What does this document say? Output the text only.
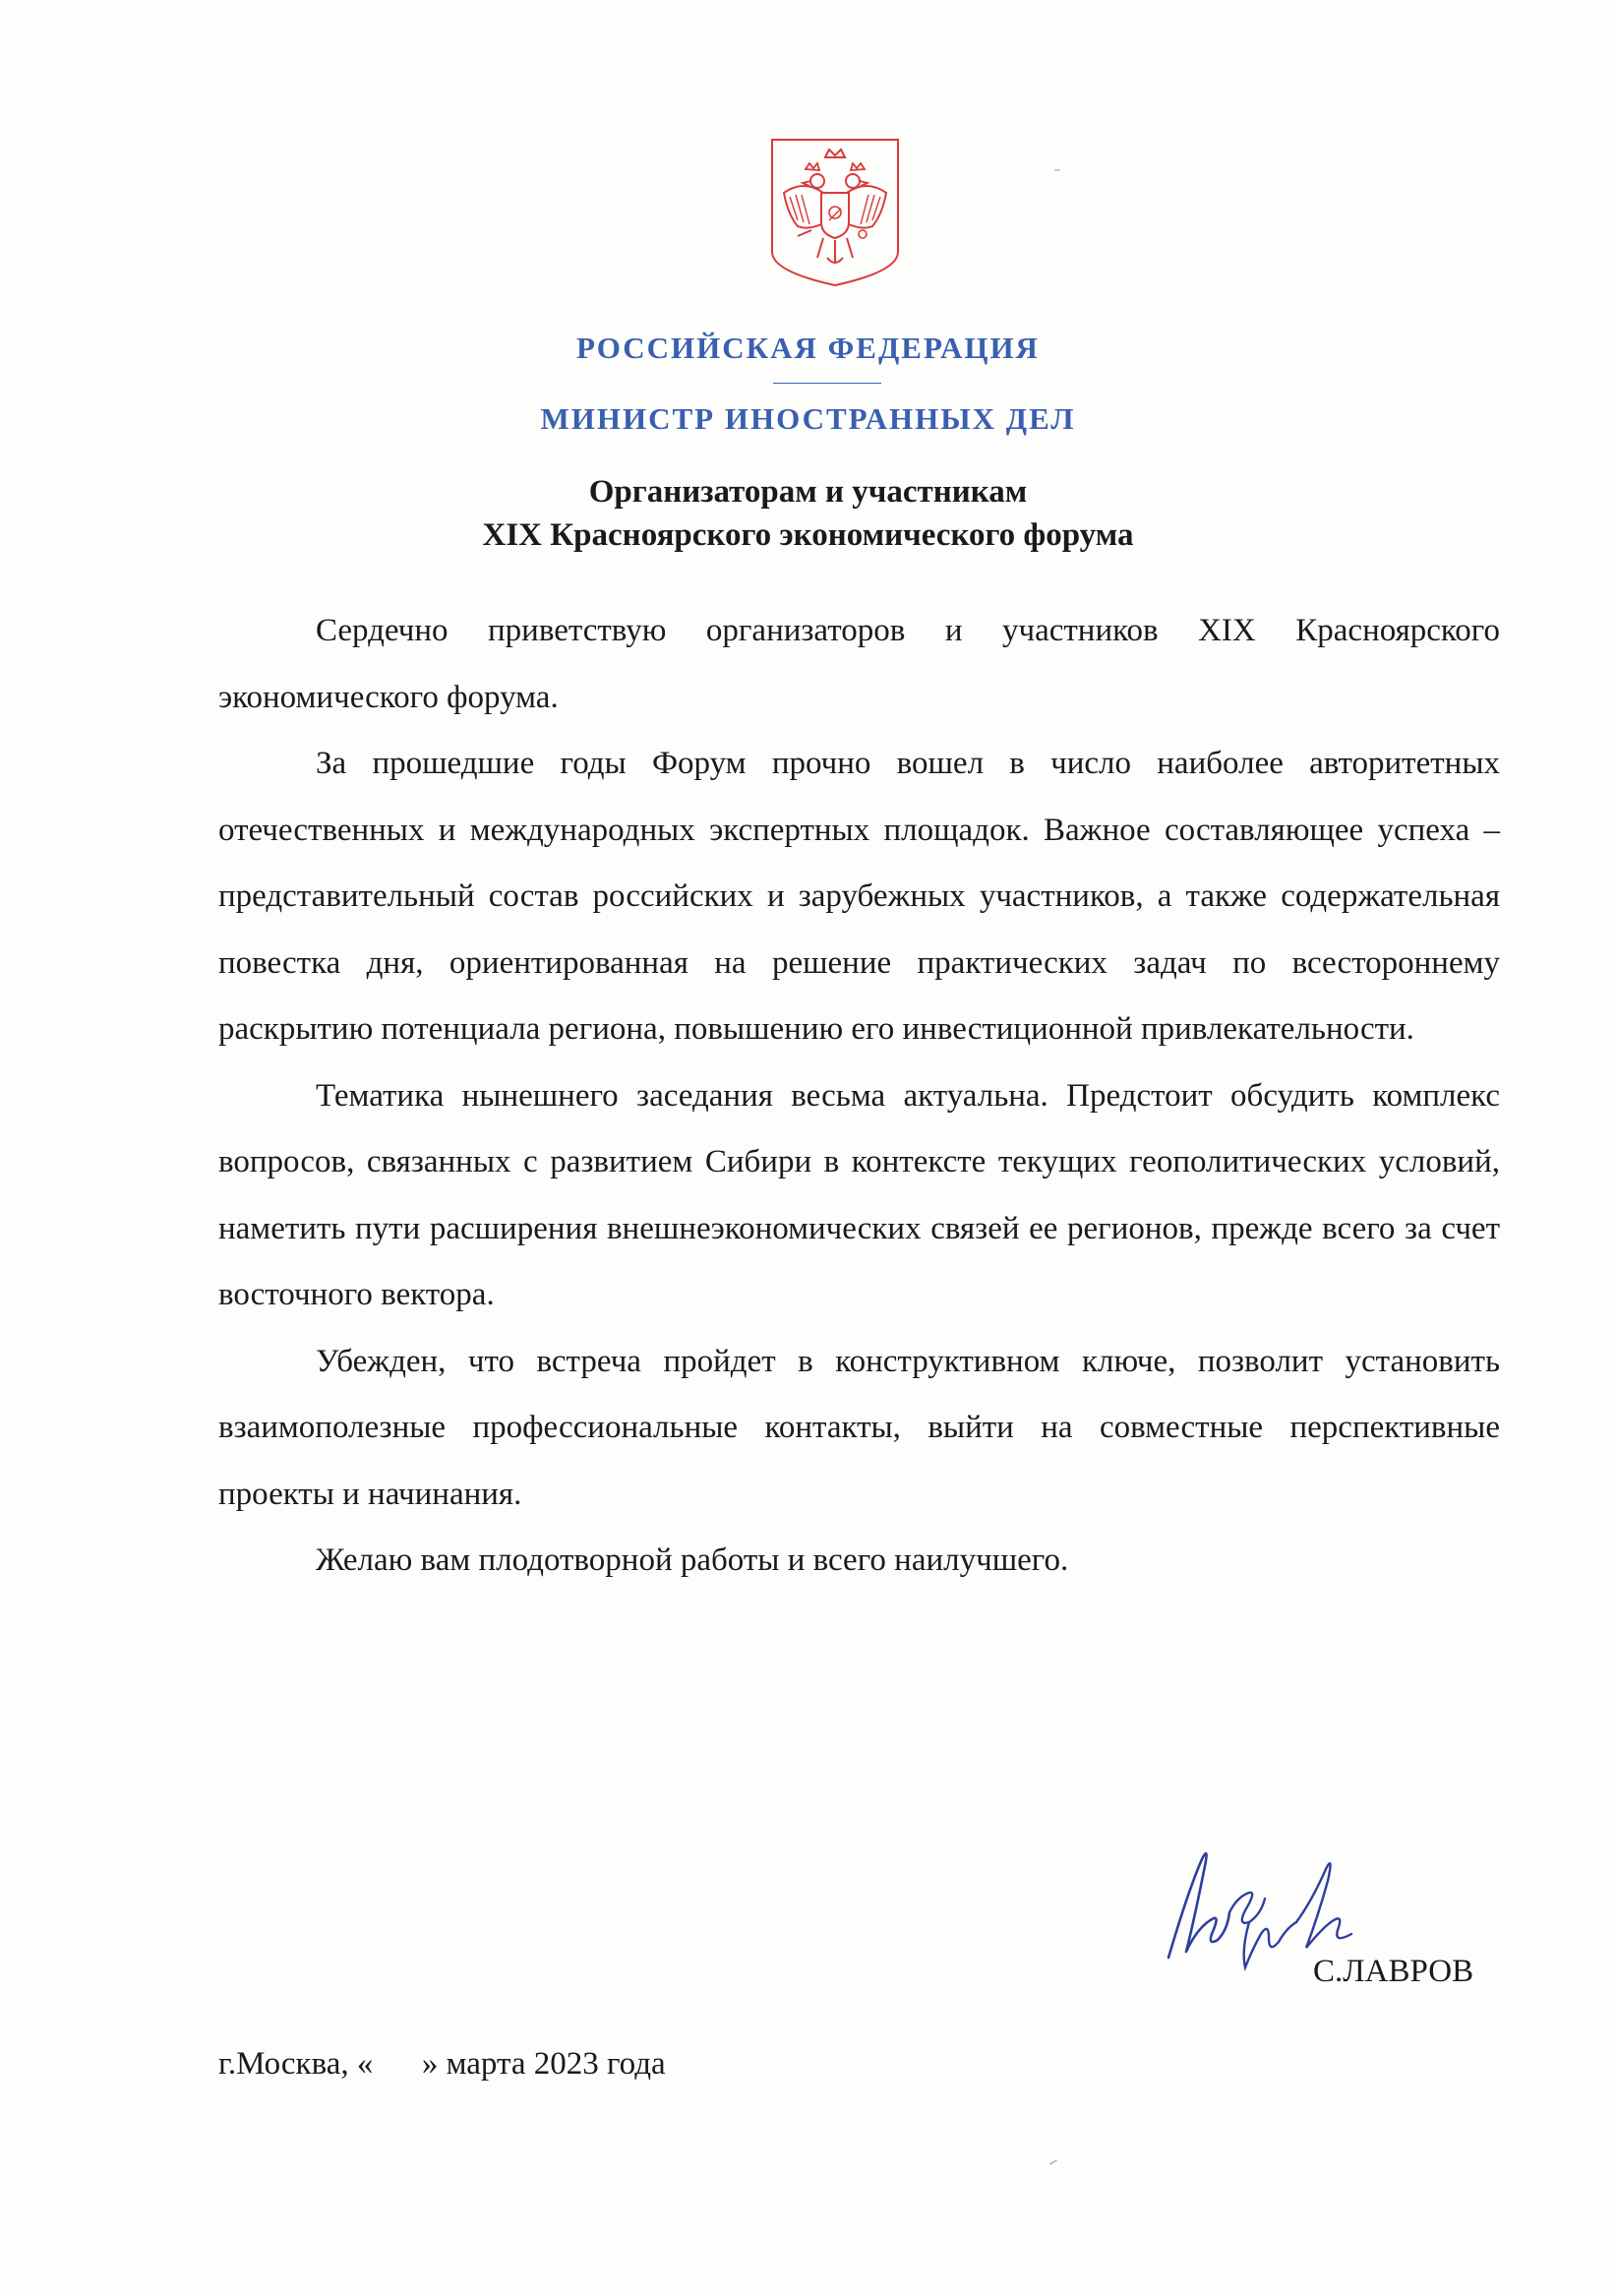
РОССИЙСКАЯ ФЕДЕРАЦИЯ
МИНИСТР ИНОСТРАННЫХ ДЕЛ
Организаторам и участникам
XIX Красноярского экономического форума

Сердечно приветствую организаторов и участников XIX Красноярского экономического форума.

За прошедшие годы Форум прочно вошел в число наиболее авторитетных отечественных и международных экспертных площадок. Важное составляющее успеха – представительный состав российских и зарубежных участников, а также содержательная повестка дня, ориентированная на решение практических задач по всестороннему раскрытию потенциала региона, повышению его инвестиционной привлекательности.

Тематика нынешнего заседания весьма актуальна. Предстоит обсудить комплекс вопросов, связанных с развитием Сибири в контексте текущих геополитических условий, наметить пути расширения внешнеэкономических связей ее регионов, прежде всего за счет восточного вектора.

Убежден, что встреча пройдет в конструктивном ключе, позволит установить взаимополезные профессиональные контакты, выйти на совместные перспективные проекты и начинания.

Желаю вам плодотворной работы и всего наилучшего.

С.ЛАВРОВ
г.Москва, «      » марта 2023 года
